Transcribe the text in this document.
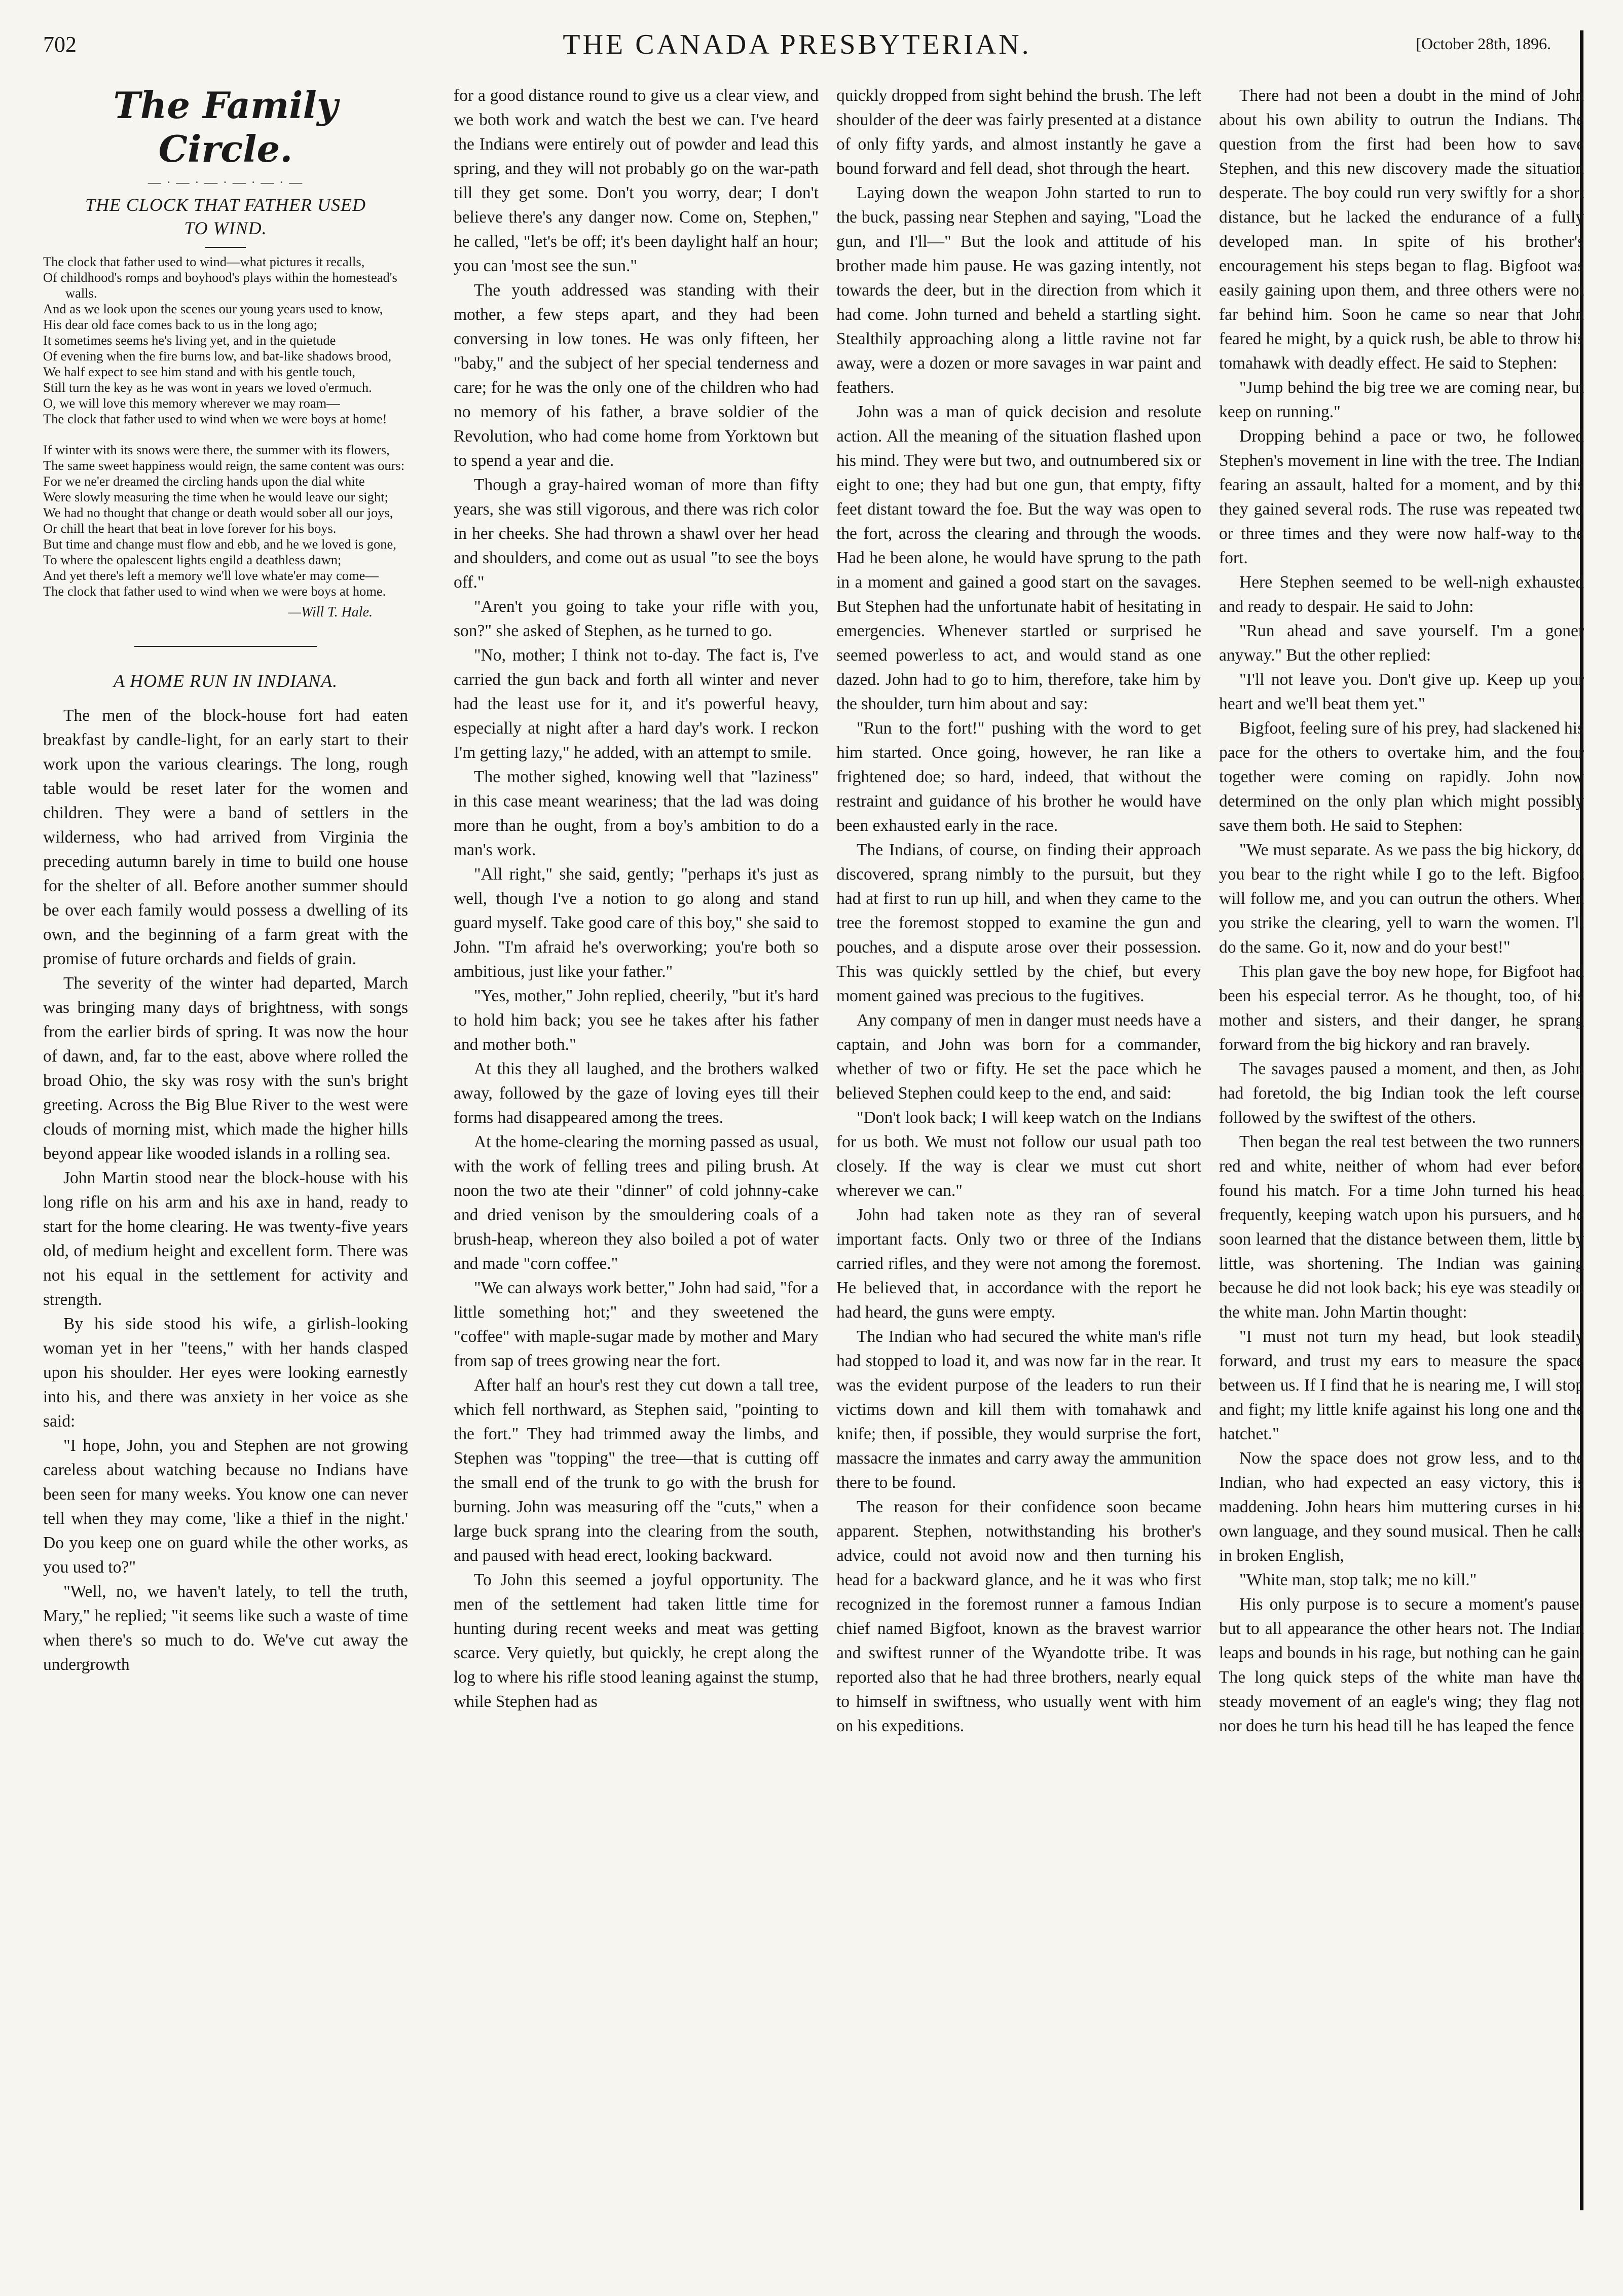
702	THE CANADA PRESBYTERIAN.	[October 28th, 1896.
The Family Circle.
— · — · — · — · — · —
THE CLOCK THAT FATHER USED
TO WIND.
The clock that father used to wind—what pictures it recalls,
Of childhood's romps and boyhood's plays within the homestead's walls.
And as we look upon the scenes our young years used to know,
His dear old face comes back to us in the long ago;
It sometimes seems he's living yet, and in the quietude
Of evening when the fire burns low, and bat-like shadows brood,
We half expect to see him stand and with his gentle touch,
Still turn the key as he was wont in years we loved o'ermuch.
O, we will love this memory wherever we may roam—
The clock that father used to wind when we were boys at home!
If winter with its snows were there, the summer with its flowers,
The same sweet happiness would reign, the same content was ours:
For we ne'er dreamed the circling hands upon the dial white
Were slowly measuring the time when he would leave our sight;
We had no thought that change or death would sober all our joys,
Or chill the heart that beat in love forever for his boys.
But time and change must flow and ebb, and he we loved is gone,
To where the opalescent lights engild a deathless dawn;
And yet there's left a memory we'll love whate'er may come—
The clock that father used to wind when we were boys at home.
—Will T. Hale.
A HOME RUN IN INDIANA.

The men of the block-house fort had eaten breakfast by candle-light, for an early start to their work upon the various clearings. The long, rough table would be reset later for the women and children. They were a band of settlers in the wilderness, who had arrived from Virginia the preceding autumn barely in time to build one house for the shelter of all. Before another summer should be over each family would possess a dwelling of its own, and the beginning of a farm great with the promise of future orchards and fields of grain.

The severity of the winter had departed, March was bringing many days of brightness, with songs from the earlier birds of spring. It was now the hour of dawn, and, far to the east, above where rolled the broad Ohio, the sky was rosy with the sun's bright greeting. Across the Big Blue River to the west were clouds of morning mist, which made the higher hills beyond appear like wooded islands in a rolling sea.

John Martin stood near the block-house with his long rifle on his arm and his axe in hand, ready to start for the home clearing. He was twenty-five years old, of medium height and excellent form. There was not his equal in the settlement for activity and strength.

By his side stood his wife, a girlish-looking woman yet in her "teens," with her hands clasped upon his shoulder. Her eyes were looking earnestly into his, and there was anxiety in her voice as she said:

"I hope, John, you and Stephen are not growing careless about watching because no Indians have been seen for many weeks. You know one can never tell when they may come, 'like a thief in the night.' Do you keep one on guard while the other works, as you used to?"

"Well, no, we haven't lately, to tell the truth, Mary," he replied; "it seems like such a waste of time when there's so much to do. We've cut away the undergrowth

for a good distance round to give us a clear view, and we both work and watch the best we can. I've heard the Indians were entirely out of powder and lead this spring, and they will not probably go on the war-path till they get some. Don't you worry, dear; I don't believe there's any danger now. Come on, Stephen," he called, "let's be off; it's been daylight half an hour; you can 'most see the sun."

The youth addressed was standing with their mother, a few steps apart, and they had been conversing in low tones. He was only fifteen, her "baby," and the subject of her special tenderness and care; for he was the only one of the children who had no memory of his father, a brave soldier of the Revolution, who had come home from Yorktown but to spend a year and die.

Though a gray-haired woman of more than fifty years, she was still vigorous, and there was rich color in her cheeks. She had thrown a shawl over her head and shoulders, and come out as usual "to see the boys off."

"Aren't you going to take your rifle with you, son?" she asked of Stephen, as he turned to go.

"No, mother; I think not to-day. The fact is, I've carried the gun back and forth all winter and never had the least use for it, and it's powerful heavy, especially at night after a hard day's work. I reckon I'm getting lazy," he added, with an attempt to smile.

The mother sighed, knowing well that "laziness" in this case meant weariness; that the lad was doing more than he ought, from a boy's ambition to do a man's work.

"All right," she said, gently; "perhaps it's just as well, though I've a notion to go along and stand guard myself. Take good care of this boy," she said to John. "I'm afraid he's overworking; you're both so ambitious, just like your father."

"Yes, mother," John replied, cheerily, "but it's hard to hold him back; you see he takes after his father and mother both."

At this they all laughed, and the brothers walked away, followed by the gaze of loving eyes till their forms had disappeared among the trees.

At the home-clearing the morning passed as usual, with the work of felling trees and piling brush. At noon the two ate their "dinner" of cold johnny-cake and dried venison by the smouldering coals of a brush-heap, whereon they also boiled a pot of water and made "corn coffee."

"We can always work better," John had said, "for a little something hot;" and they sweetened the "coffee" with maple-sugar made by mother and Mary from sap of trees growing near the fort.

After half an hour's rest they cut down a tall tree, which fell northward, as Stephen said, "pointing to the fort." They had trimmed away the limbs, and Stephen was "topping" the tree—that is cutting off the small end of the trunk to go with the brush for burning. John was measuring off the "cuts," when a large buck sprang into the clearing from the south, and paused with head erect, looking backward.

To John this seemed a joyful opportunity. The men of the settlement had taken little time for hunting during recent weeks and meat was getting scarce. Very quietly, but quickly, he crept along the log to where his rifle stood leaning against the stump, while Stephen had as

quickly dropped from sight behind the brush. The left shoulder of the deer was fairly presented at a distance of only fifty yards, and almost instantly he gave a bound forward and fell dead, shot through the heart.

Laying down the weapon John started to run to the buck, passing near Stephen and saying, "Load the gun, and I'll—" But the look and attitude of his brother made him pause. He was gazing intently, not towards the deer, but in the direction from which it had come. John turned and beheld a startling sight. Stealthily approaching along a little ravine not far away, were a dozen or more savages in war paint and feathers.

John was a man of quick decision and resolute action. All the meaning of the situation flashed upon his mind. They were but two, and outnumbered six or eight to one; they had but one gun, that empty, fifty feet distant toward the foe. But the way was open to the fort, across the clearing and through the woods. Had he been alone, he would have sprung to the path in a moment and gained a good start on the savages. But Stephen had the unfortunate habit of hesitating in emergencies. Whenever startled or surprised he seemed powerless to act, and would stand as one dazed. John had to go to him, therefore, take him by the shoulder, turn him about and say:

"Run to the fort!" pushing with the word to get him started. Once going, however, he ran like a frightened doe; so hard, indeed, that without the restraint and guidance of his brother he would have been exhausted early in the race.

The Indians, of course, on finding their approach discovered, sprang nimbly to the pursuit, but they had at first to run up hill, and when they came to the tree the foremost stopped to examine the gun and pouches, and a dispute arose over their possession. This was quickly settled by the chief, but every moment gained was precious to the fugitives.

Any company of men in danger must needs have a captain, and John was born for a commander, whether of two or fifty. He set the pace which he believed Stephen could keep to the end, and said:

"Don't look back; I will keep watch on the Indians for us both. We must not follow our usual path too closely. If the way is clear we must cut short wherever we can."

John had taken note as they ran of several important facts. Only two or three of the Indians carried rifles, and they were not among the foremost. He believed that, in accordance with the report he had heard, the guns were empty.

The Indian who had secured the white man's rifle had stopped to load it, and was now far in the rear. It was the evident purpose of the leaders to run their victims down and kill them with tomahawk and knife; then, if possible, they would surprise the fort, massacre the inmates and carry away the ammunition there to be found.

The reason for their confidence soon became apparent. Stephen, notwithstanding his brother's advice, could not avoid now and then turning his head for a backward glance, and he it was who first recognized in the foremost runner a famous Indian chief named Bigfoot, known as the bravest warrior and swiftest runner of the Wyandotte tribe. It was reported also that he had three brothers, nearly equal to himself in swiftness, who usually went with him on his expeditions.

There had not been a doubt in the mind of John about his own ability to outrun the Indians. The question from the first had been how to save Stephen, and this new discovery made the situation desperate. The boy could run very swiftly for a short distance, but he lacked the endurance of a fully developed man. In spite of his brother's encouragement his steps began to flag. Bigfoot was easily gaining upon them, and three others were not far behind him. Soon he came so near that John feared he might, by a quick rush, be able to throw his tomahawk with deadly effect. He said to Stephen:

"Jump behind the big tree we are coming near, but keep on running."

Dropping behind a pace or two, he followed Stephen's movement in line with the tree. The Indian, fearing an assault, halted for a moment, and by this they gained several rods. The ruse was repeated two or three times and they were now half-way to the fort.

Here Stephen seemed to be well-nigh exhausted and ready to despair. He said to John:

"Run ahead and save yourself. I'm a goner anyway." But the other replied:

"I'll not leave you. Don't give up. Keep up your heart and we'll beat them yet."

Bigfoot, feeling sure of his prey, had slackened his pace for the others to overtake him, and the four together were coming on rapidly. John now determined on the only plan which might possibly save them both. He said to Stephen:

"We must separate. As we pass the big hickory, do you bear to the right while I go to the left. Bigfoot will follow me, and you can outrun the others. When you strike the clearing, yell to warn the women. I'll do the same. Go it, now and do your best!"

This plan gave the boy new hope, for Bigfoot had been his especial terror. As he thought, too, of his mother and sisters, and their danger, he sprang forward from the big hickory and ran bravely.

The savages paused a moment, and then, as John had foretold, the big Indian took the left course, followed by the swiftest of the others.

Then began the real test between the two runners, red and white, neither of whom had ever before found his match. For a time John turned his head frequently, keeping watch upon his pursuers, and he soon learned that the distance between them, little by little, was shortening. The Indian was gaining because he did not look back; his eye was steadily on the white man. John Martin thought:

"I must not turn my head, but look steadily forward, and trust my ears to measure the space between us. If I find that he is nearing me, I will stop and fight; my little knife against his long one and the hatchet."

Now the space does not grow less, and to the Indian, who had expected an easy victory, this is maddening. John hears him muttering curses in his own language, and they sound musical. Then he calls in broken English,

"White man, stop talk; me no kill."

His only purpose is to secure a moment's pause; but to all appearance the other hears not. The Indian leaps and bounds in his rage, but nothing can he gain. The long quick steps of the white man have the steady movement of an eagle's wing; they flag not, nor does he turn his head till he has leaped the fence
